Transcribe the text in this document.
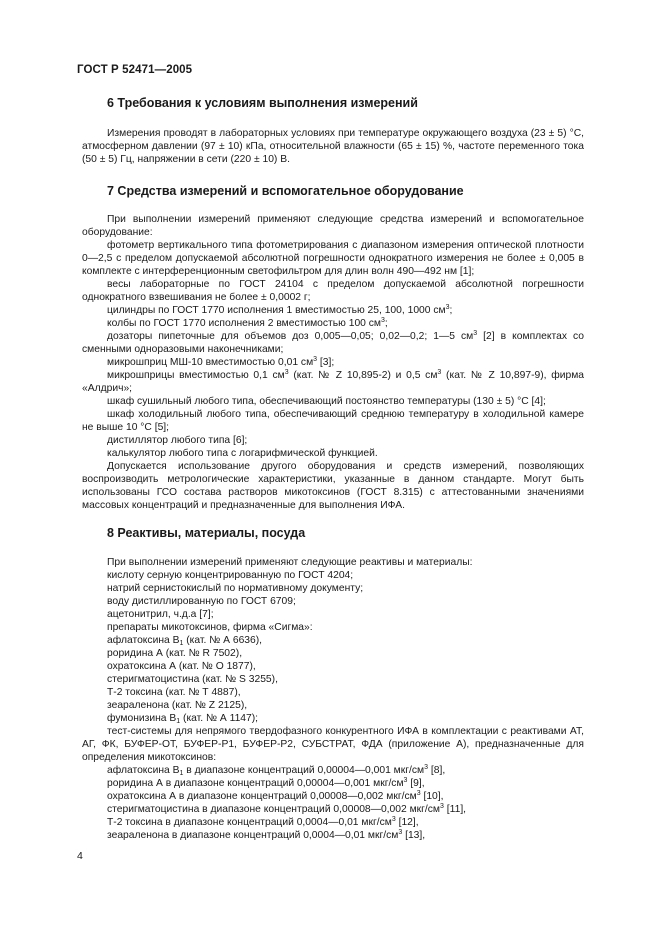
ГОСТ Р 52471—2005
6 Требования к условиям выполнения измерений

Измерения проводят в лабораторных условиях при температуре окружающего воздуха (23 ± 5) °С, атмосферном давлении (97 ± 10) кПа, относительной влажности (65 ± 15) %, частоте переменного тока (50 ± 5) Гц, напряжении в сети (220 ± 10) В.

7 Средства измерений и вспомогательное оборудование

При выполнении измерений применяют следующие средства измерений и вспомогательное оборудование:

фотометр вертикального типа фотометрирования с диапазоном измерения оптической плотности 0—2,5 с пределом допускаемой абсолютной погрешности однократного измерения не более ± 0,005 в комплекте с интерференционным светофильтром для длин волн 490—492 нм [1];

весы лабораторные по ГОСТ 24104 с пределом допускаемой абсолютной погрешности однократного взвешивания не более ± 0,0002 г;

цилиндры по ГОСТ 1770 исполнения 1 вместимостью 25, 100, 1000 $см^3$;

колбы по ГОСТ 1770 исполнения 2 вместимостью 100 $см^3$;

дозаторы пипеточные для объемов доз 0,005—0,05; 0,02—0,2; 1—5 $см^3$ [2] в комплектах со сменными одноразовыми наконечниками;

микрошприц МШ-10 вместимостью 0,01 $см^3$ [3];

микрошприцы вместимостью 0,1 $см^3$ (кат. № Z 10,895-2) и 0,5 $см^3$ (кат. № Z 10,897-9), фирма «Алдрич»;

шкаф сушильный любого типа, обеспечивающий постоянство температуры (130 ± 5) °С [4];

шкаф холодильный любого типа, обеспечивающий среднюю температуру в холодильной камере не выше 10 °С [5];

дистиллятор любого типа [6];

калькулятор любого типа с логарифмической функцией.

Допускается использование другого оборудования и средств измерений, позволяющих воспроизводить метрологические характеристики, указанные в данном стандарте. Могут быть использованы ГСО состава растворов микотоксинов (ГОСТ 8.315) с аттестованными значениями массовых концентраций и предназначенные для выполнения ИФА.

8 Реактивы, материалы, посуда

При выполнении измерений применяют следующие реактивы и материалы:

кислоту серную концентрированную по ГОСТ 4204;

натрий сернистокислый по нормативному документу;

воду дистиллированную по ГОСТ 6709;

ацетонитрил, ч.д.а [7];

препараты микотоксинов, фирма «Сигма»:

афлатоксина $В_1$ (кат. № А 6636),

роридина А (кат. № R 7502),

охратоксина А (кат. № О 1877),

стеригматоцистина (кат. № S 3255),

Т-2 токсина (кат. № Т 4887),

зеараленона (кат. № Z 2125),

фумонизина $В_1$ (кат. № А 1147);

тест-системы для непрямого твердофазного конкурентного ИФА в комплектации с реактивами АТ, АГ, ФК, БУФЕР-ОТ, БУФЕР-Р1, БУФЕР-Р2, СУБСТРАТ, ФДА (приложение А), предназначенные для определения микотоксинов:

афлатоксина $В_1$ в диапазоне концентраций 0,00004—0,001 мкг/$см^3$ [8],

роридина А в диапазоне концентраций 0,00004—0,001 мкг/$см^3$ [9],

охратоксина А в диапазоне концентраций 0,00008—0,002 мкг/$см^3$ [10],

стеригматоцистина в диапазоне концентраций 0,00008—0,002 мкг/$см^3$ [11],

Т-2 токсина в диапазоне концентраций 0,0004—0,01 мкг/$см^3$ [12],

зеараленона в диапазоне концентраций 0,0004—0,01 мкг/$см^3$ [13],

4
